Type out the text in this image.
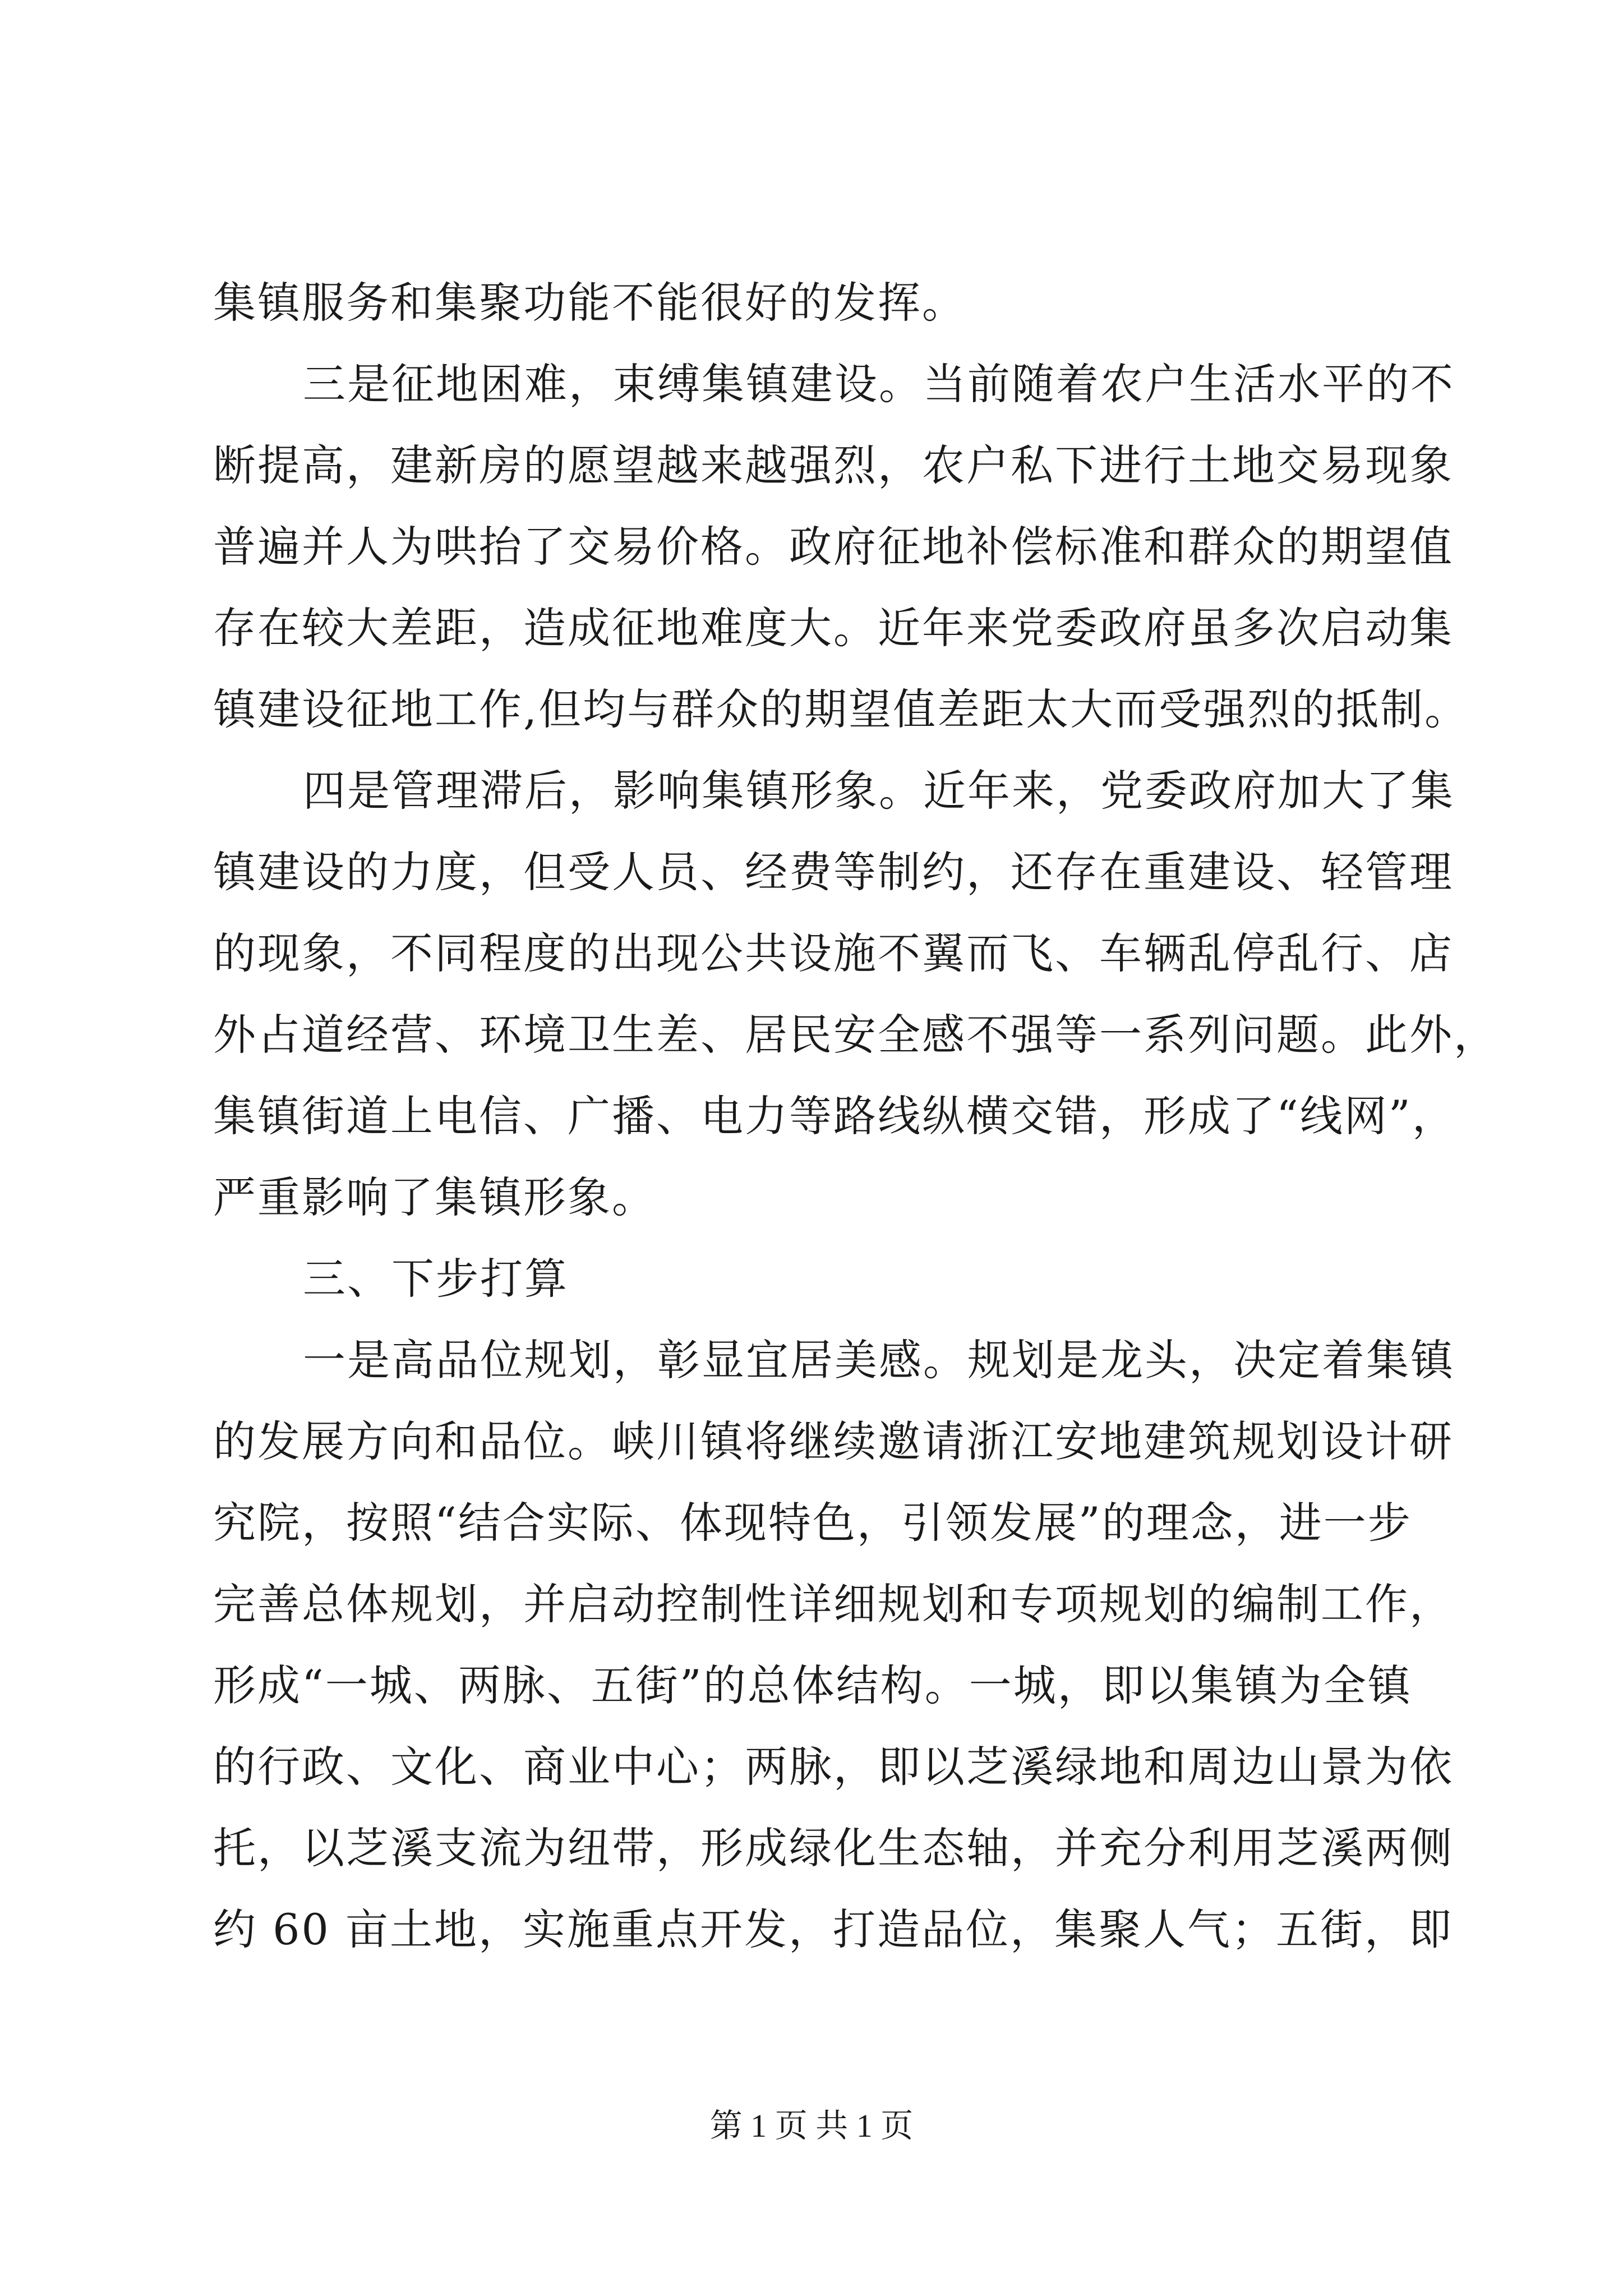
集镇服务和集聚功能不能很好的发挥。
三是征地困难，束缚集镇建设。当前随着农户生活水平的不
断提高，建新房的愿望越来越强烈，农户私下进行土地交易现象
普遍并人为哄抬了交易价格。政府征地补偿标准和群众的期望值
存在较大差距，造成征地难度大。近年来党委政府虽多次启动集
镇建设征地工作,但均与群众的期望值差距太大而受强烈的抵制。
四是管理滞后，影响集镇形象。近年来，党委政府加大了集
镇建设的力度，但受人员、经费等制约，还存在重建设、轻管理
的现象，不同程度的出现公共设施不翼而飞、车辆乱停乱行、店
外占道经营、环境卫生差、居民安全感不强等一系列问题。此外，
集镇街道上电信、广播、电力等路线纵横交错，形成了“线网”，
严重影响了集镇形象。
三、下步打算
一是高品位规划，彰显宜居美感。规划是龙头，决定着集镇
的发展方向和品位。峡川镇将继续邀请浙江安地建筑规划设计研
究院，按照“结合实际、体现特色，引领发展”的理念，进一步
完善总体规划，并启动控制性详细规划和专项规划的编制工作，
形成“一城、两脉、五街”的总体结构。一城，即以集镇为全镇
的行政、文化、商业中心；两脉，即以芝溪绿地和周边山景为依
托，以芝溪支流为纽带，形成绿化生态轴，并充分利用芝溪两侧
约 60 亩土地，实施重点开发，打造品位，集聚人气；五街，即
第 1 页 共 1 页
